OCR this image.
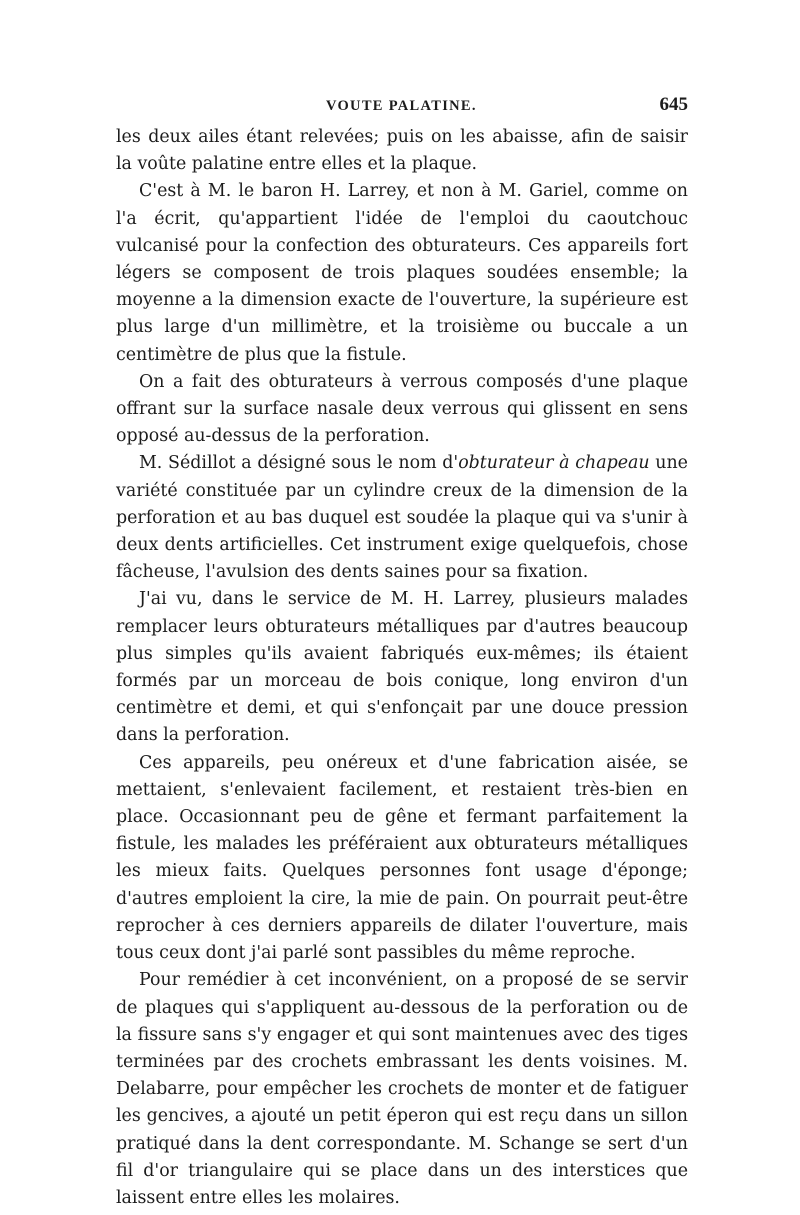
VOUTE PALATINE.	645

les deux ailes étant relevées; puis on les abaisse, afin de saisir la voûte palatine entre elles et la plaque.

C'est à M. le baron H. Larrey, et non à M. Gariel, comme on l'a écrit, qu'appartient l'idée de l'emploi du caoutchouc vulcanisé pour la confection des obturateurs. Ces appareils fort légers se composent de trois plaques soudées ensemble; la moyenne a la dimension exacte de l'ouverture, la supérieure est plus large d'un millimètre, et la troisième ou buccale a un centimètre de plus que la fistule.

On a fait des obturateurs à verrous composés d'une plaque offrant sur la surface nasale deux verrous qui glissent en sens opposé au-dessus de la perforation.

M. Sédillot a désigné sous le nom d'obturateur à chapeau une variété constituée par un cylindre creux de la dimension de la perforation et au bas duquel est soudée la plaque qui va s'unir à deux dents artificielles. Cet instrument exige quelquefois, chose fâcheuse, l'avulsion des dents saines pour sa fixation.

J'ai vu, dans le service de M. H. Larrey, plusieurs malades remplacer leurs obturateurs métalliques par d'autres beaucoup plus simples qu'ils avaient fabriqués eux-mêmes; ils étaient formés par un morceau de bois conique, long environ d'un centimètre et demi, et qui s'enfonçait par une douce pression dans la perforation.

Ces appareils, peu onéreux et d'une fabrication aisée, se mettaient, s'enlevaient facilement, et restaient très-bien en place. Occasionnant peu de gêne et fermant parfaitement la fistule, les malades les préféraient aux obturateurs métalliques les mieux faits. Quelques personnes font usage d'éponge; d'autres emploient la cire, la mie de pain. On pourrait peut-être reprocher à ces derniers appareils de dilater l'ouverture, mais tous ceux dont j'ai parlé sont passibles du même reproche.

Pour remédier à cet inconvénient, on a proposé de se servir de plaques qui s'appliquent au-dessous de la perforation ou de la fissure sans s'y engager et qui sont maintenues avec des tiges terminées par des crochets embrassant les dents voisines. M. Delabarre, pour empêcher les crochets de monter et de fatiguer les gencives, a ajouté un petit éperon qui est reçu dans un sillon pratiqué dans la dent correspondante. M. Schange se sert d'un fil d'or triangulaire qui se place dans un des interstices que laissent entre elles les molaires.
